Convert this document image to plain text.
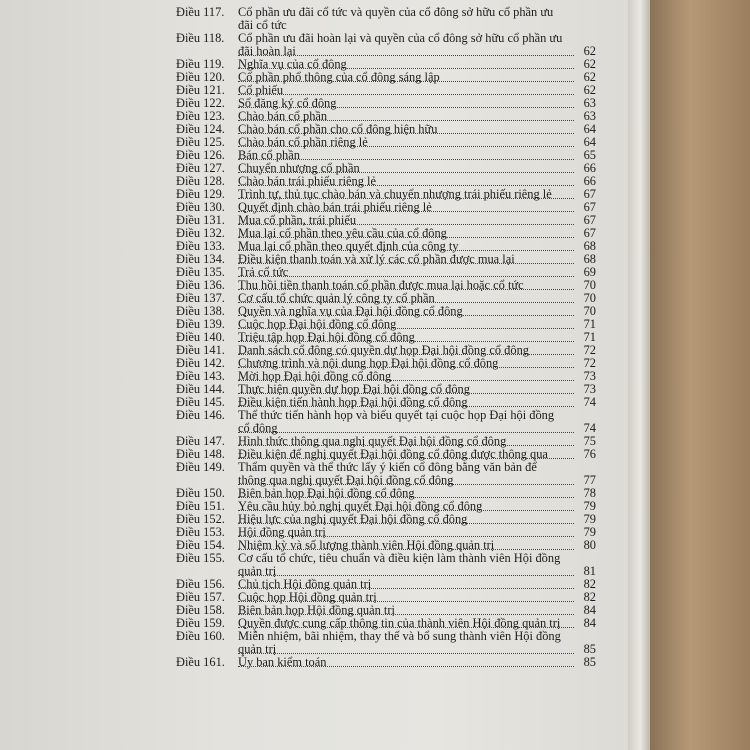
Điều 117. Cổ phần ưu đãi cổ tức và quyền của cổ đông sở hữu cổ phần ưu đãi cổ tức
Điều 118. Cổ phần ưu đãi hoàn lại và quyền của cổ đông sở hữu cổ phần ưu đãi hoàn lại	62
Điều 119. Nghĩa vụ của cổ đông	62
Điều 120. Cổ phần phổ thông của cổ đông sáng lập	62
Điều 121. Cổ phiếu	62
Điều 122. Sổ đăng ký cổ đông	63
Điều 123. Chào bán cổ phần	63
Điều 124. Chào bán cổ phần cho cổ đông hiện hữu	64
Điều 125. Chào bán cổ phần riêng lẻ	64
Điều 126. Bán cổ phần	65
Điều 127. Chuyển nhượng cổ phần	66
Điều 128. Chào bán trái phiếu riêng lẻ	66
Điều 129. Trình tự, thủ tục chào bán và chuyển nhượng trái phiếu riêng lẻ	67
Điều 130. Quyết định chào bán trái phiếu riêng lẻ	67
Điều 131. Mua cổ phần, trái phiếu	67
Điều 132. Mua lại cổ phần theo yêu cầu của cổ đông	67
Điều 133. Mua lại cổ phần theo quyết định của công ty	68
Điều 134. Điều kiện thanh toán và xử lý các cổ phần được mua lại	68
Điều 135. Trả cổ tức	69
Điều 136. Thu hồi tiền thanh toán cổ phần được mua lại hoặc cổ tức	70
Điều 137. Cơ cấu tổ chức quản lý công ty cổ phần	70
Điều 138. Quyền và nghĩa vụ của Đại hội đồng cổ đông	70
Điều 139. Cuộc họp Đại hội đồng cổ đông	71
Điều 140. Triệu tập họp Đại hội đồng cổ đông	71
Điều 141. Danh sách cổ đông có quyền dự họp Đại hội đồng cổ đông	72
Điều 142. Chương trình và nội dung họp Đại hội đồng cổ đông	72
Điều 143. Mời họp Đại hội đồng cổ đông	73
Điều 144. Thực hiện quyền dự họp Đại hội đồng cổ đông	73
Điều 145. Điều kiện tiến hành họp Đại hội đồng cổ đông	74
Điều 146. Thể thức tiến hành họp và biểu quyết tại cuộc họp Đại hội đồng cổ đông	74
Điều 147. Hình thức thông qua nghị quyết Đại hội đồng cổ đông	75
Điều 148. Điều kiện để nghị quyết Đại hội đồng cổ đông được thông qua	76
Điều 149. Thẩm quyền và thể thức lấy ý kiến cổ đông bằng văn bản để thông qua nghị quyết Đại hội đồng cổ đông	77
Điều 150. Biên bản họp Đại hội đồng cổ đông	78
Điều 151. Yêu cầu hủy bỏ nghị quyết Đại hội đồng cổ đông	79
Điều 152. Hiệu lực của nghị quyết Đại hội đồng cổ đông	79
Điều 153. Hội đồng quản trị	79
Điều 154. Nhiệm kỳ và số lượng thành viên Hội đồng quản trị	80
Điều 155. Cơ cấu tổ chức, tiêu chuẩn và điều kiện làm thành viên Hội đồng quản trị	81
Điều 156. Chủ tịch Hội đồng quản trị	82
Điều 157. Cuộc họp Hội đồng quản trị	82
Điều 158. Biên bản họp Hội đồng quản trị	84
Điều 159. Quyền được cung cấp thông tin của thành viên Hội đồng quản trị 84
Điều 160. Miễn nhiệm, bãi nhiệm, thay thế và bổ sung thành viên Hội đồng quản trị	85
Điều 161. Ủy ban kiểm toán	85
